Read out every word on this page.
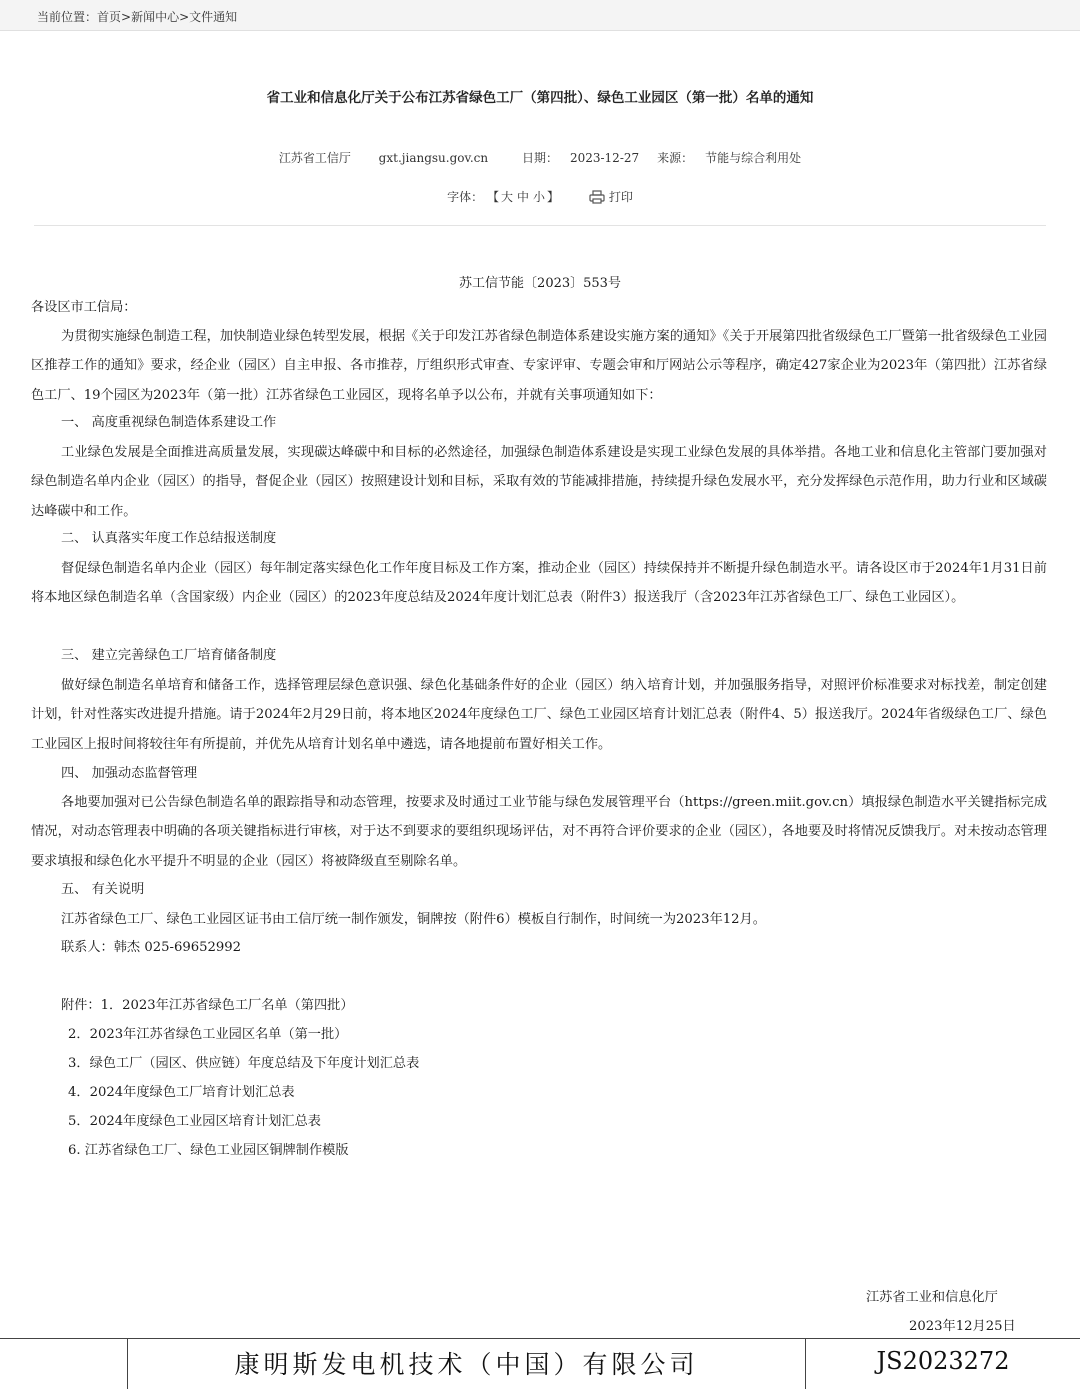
当前位置：首页>新闻中心>文件通知
省工业和信息化厅关于公布江苏省绿色工厂（第四批）、绿色工业园区（第一批）名单的通知
江苏省工信厅 gxt.jiangsu.gov.cn	日期： 2023-12-27 来源： 节能与综合利用处
字体： 【 大 中 小 】	打印
苏工信节能〔2023〕553号
各设区市工信局：

为贯彻实施绿色制造工程，加快制造业绿色转型发展，根据《关于印发江苏省绿色制造体系建设实施方案的通知》《关于开展第四批省级绿色工厂暨第一批省级绿色工业园区推荐工作的通知》要求，经企业（园区）自主申报、各市推荐，厅组织形式审查、专家评审、专题会审和厅网站公示等程序，确定427家企业为2023年（第四批）江苏省绿色工厂、19个园区为2023年（第一批）江苏省绿色工业园区，现将名单予以公布，并就有关事项通知如下：

一、 高度重视绿色制造体系建设工作

工业绿色发展是全面推进高质量发展，实现碳达峰碳中和目标的必然途径，加强绿色制造体系建设是实现工业绿色发展的具体举措。各地工业和信息化主管部门要加强对绿色制造名单内企业（园区）的指导，督促企业（园区）按照建设计划和目标，采取有效的节能减排措施，持续提升绿色发展水平，充分发挥绿色示范作用，助力行业和区域碳达峰碳中和工作。

二、 认真落实年度工作总结报送制度

督促绿色制造名单内企业（园区）每年制定落实绿色化工作年度目标及工作方案，推动企业（园区）持续保持并不断提升绿色制造水平。请各设区市于2024年1月31日前将本地区绿色制造名单（含国家级）内企业（园区）的2023年度总结及2024年度计划汇总表（附件3）报送我厅（含2023年江苏省绿色工厂、绿色工业园区）。

三、 建立完善绿色工厂培育储备制度

做好绿色制造名单培育和储备工作，选择管理层绿色意识强、绿色化基础条件好的企业（园区）纳入培育计划，并加强服务指导，对照评价标准要求对标找差，制定创建计划，针对性落实改进提升措施。请于2024年2月29日前，将本地区2024年度绿色工厂、绿色工业园区培育计划汇总表（附件4、5）报送我厅。2024年省级绿色工厂、绿色工业园区上报时间将较往年有所提前，并优先从培育计划名单中遴选，请各地提前布置好相关工作。

四、 加强动态监督管理

各地要加强对已公告绿色制造名单的跟踪指导和动态管理，按要求及时通过工业节能与绿色发展管理平台（https://green.miit.gov.cn）填报绿色制造水平关键指标完成情况，对动态管理表中明确的各项关键指标进行审核，对于达不到要求的要组织现场评估，对不再符合评价要求的企业（园区），各地要及时将情况反馈我厅。对未按动态管理要求填报和绿色化水平提升不明显的企业（园区）将被降级直至剔除名单。

五、 有关说明

江苏省绿色工厂、绿色工业园区证书由工信厅统一制作颁发，铜牌按（附件6）模板自行制作，时间统一为2023年12月。

联系人：韩杰 025-69652992
附件：1．2023年江苏省绿色工厂名单（第四批）
2．2023年江苏省绿色工业园区名单（第一批）
3．绿色工厂（园区、供应链）年度总结及下年度计划汇总表
4．2024年度绿色工厂培育计划汇总表
5．2024年度绿色工业园区培育计划汇总表
6. 江苏省绿色工厂、绿色工业园区铜牌制作模版
江苏省工业和信息化厅
2023年12月25日
康明斯发电机技术（中国）有限公司	JS2023272
